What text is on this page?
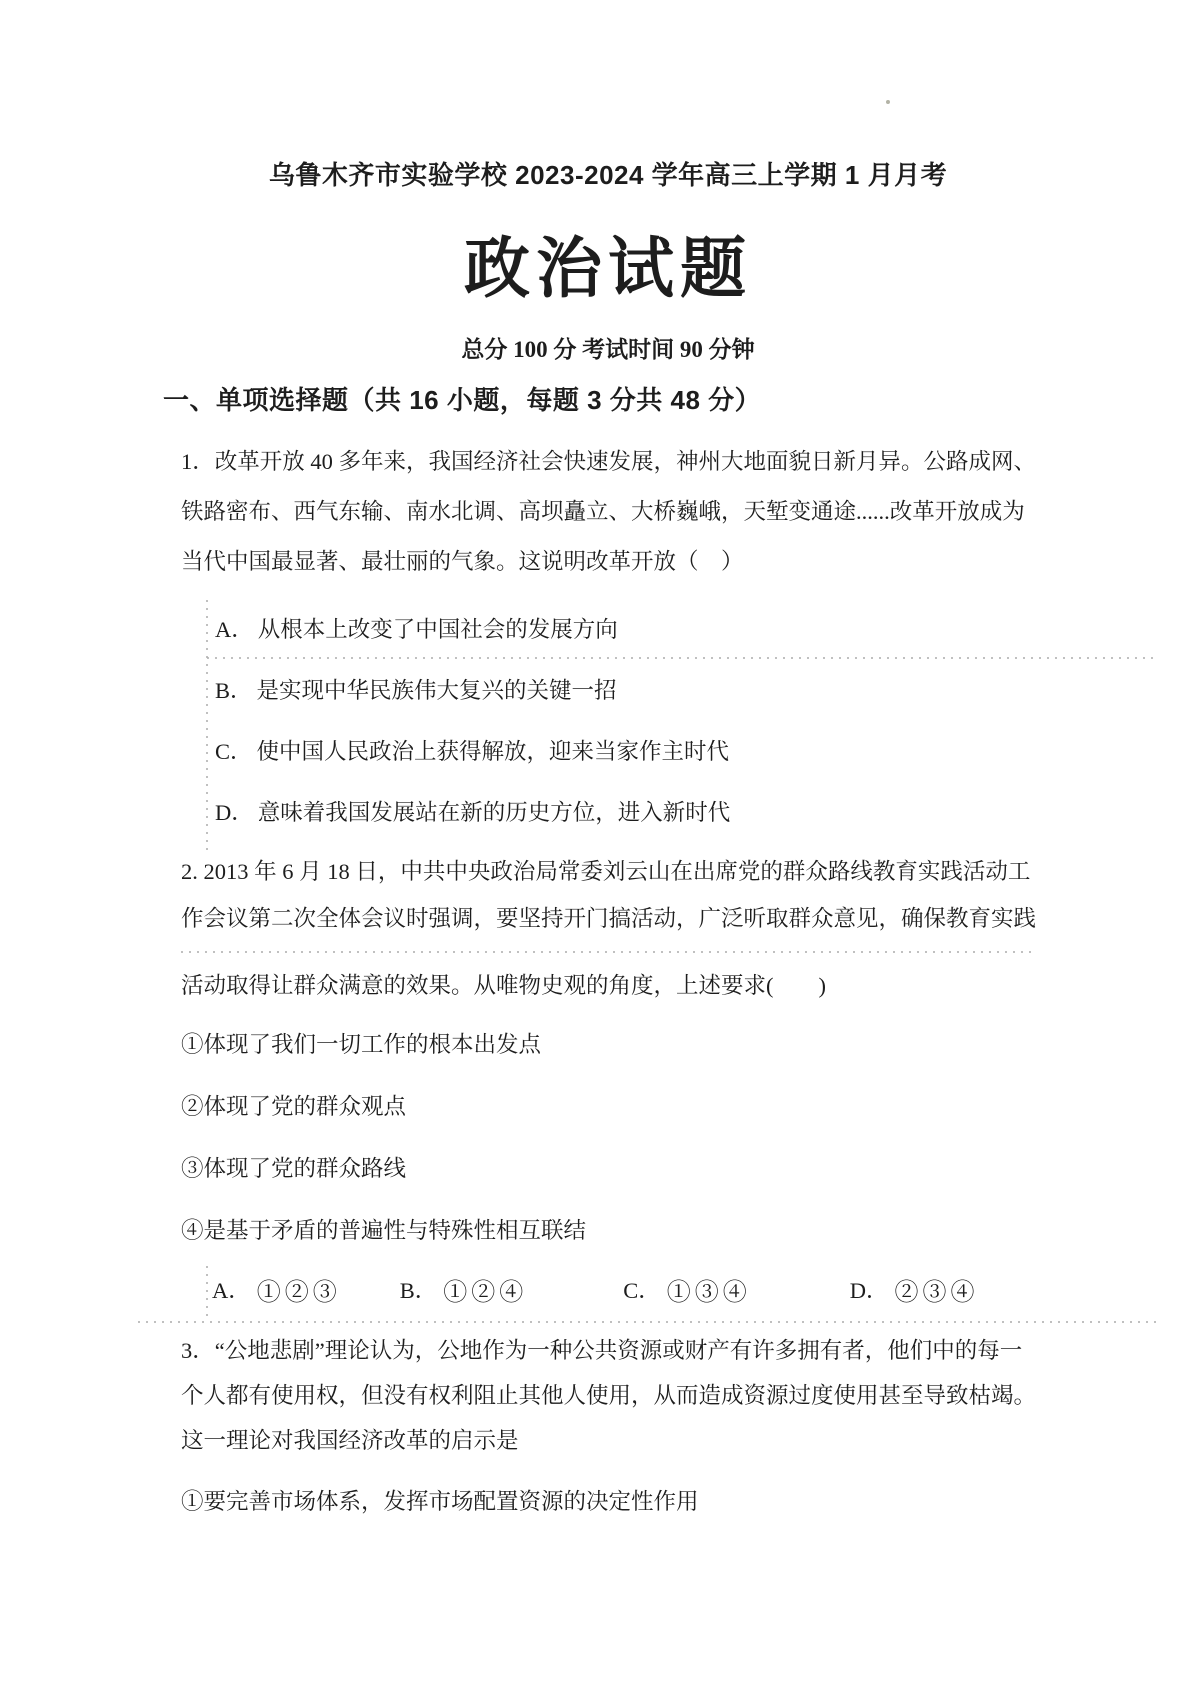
乌鲁木齐市实验学校 2023-2024 学年高三上学期 1 月月考
政治试题
总分 100 分 考试时间 90 分钟
一、单项选择题（共 16 小题，每题 3 分共 48 分）
1．改革开放 40 多年来，我国经济社会快速发展，神州大地面貌日新月异。公路成网、
铁路密布、西气东输、南水北调、高坝矗立、大桥巍峨，天堑变通途......改革开放成为
当代中国最显著、最壮丽的气象。这说明改革开放（　）
A． 从根本上改变了中国社会的发展方向
B． 是实现中华民族伟大复兴的关键一招
C． 使中国人民政治上获得解放，迎来当家作主时代
D． 意味着我国发展站在新的历史方位，进入新时代
2. 2013 年 6 月 18 日，中共中央政治局常委刘云山在出席党的群众路线教育实践活动工
作会议第二次全体会议时强调，要坚持开门搞活动，广泛听取群众意见，确保教育实践
活动取得让群众满意的效果。从唯物史观的角度，上述要求(　　)
①体现了我们一切工作的根本出发点
②体现了党的群众观点
③体现了党的群众路线
④是基于矛盾的普遍性与特殊性相互联结
A． ①②③	B． ①②④	C． ①③④	D． ②③④
3．“公地悲剧”理论认为，公地作为一种公共资源或财产有许多拥有者，他们中的每一
个人都有使用权，但没有权利阻止其他人使用，从而造成资源过度使用甚至导致枯竭。
这一理论对我国经济改革的启示是
①要完善市场体系，发挥市场配置资源的决定性作用
